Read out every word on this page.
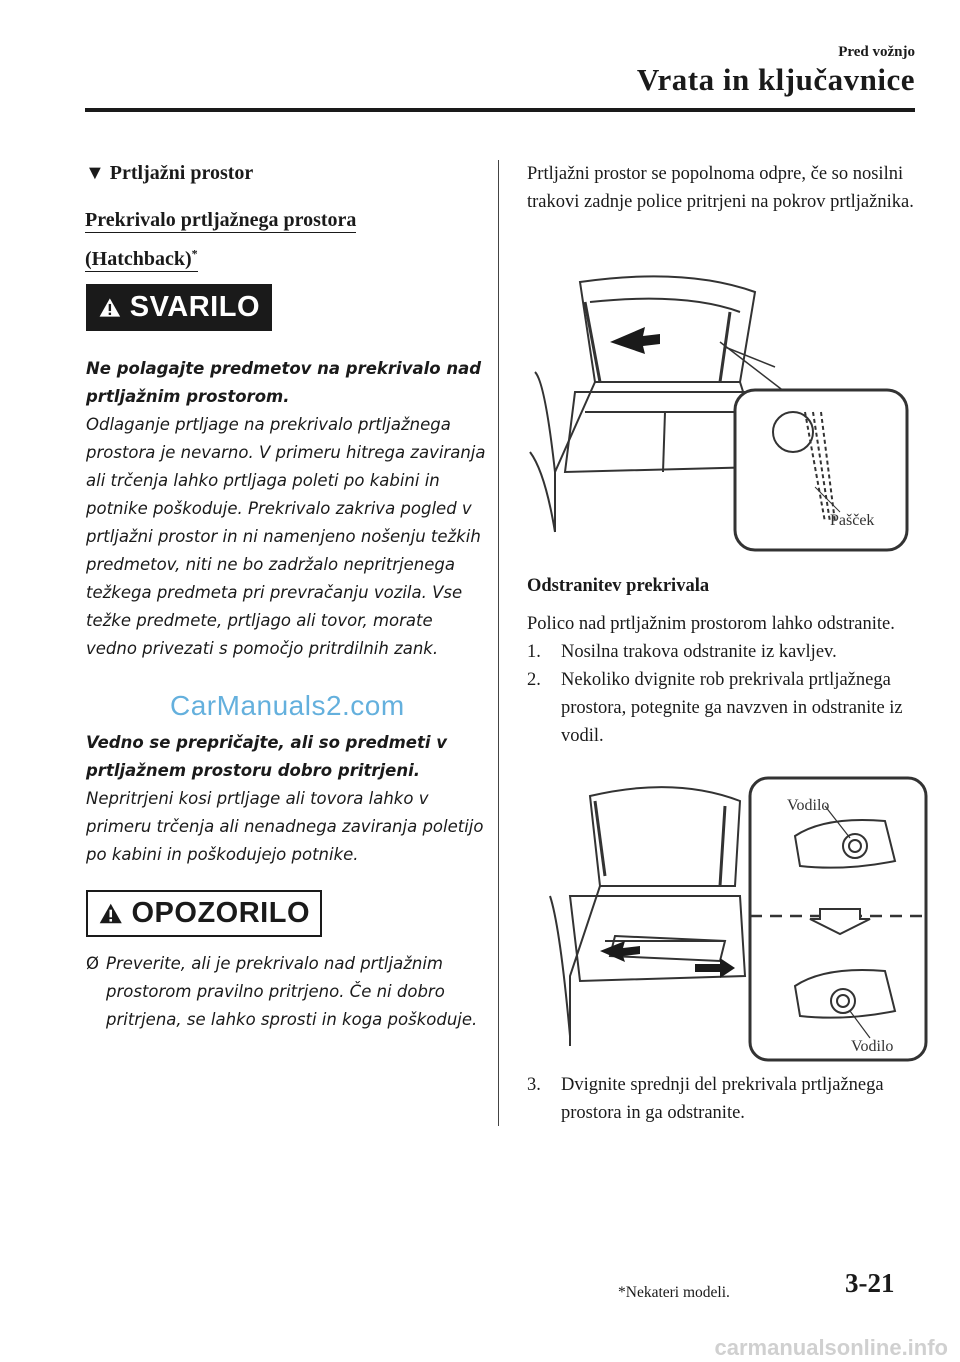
Pred vožnjo
Vrata in ključavnice
▼ Prtljažni prostor
Prekrivalo prtljažnega prostora
(Hatchback)*
SVARILO
Ne polagajte predmetov na prekrivalo nad prtljažnim prostorom.
Odlaganje prtljage na prekrivalo prtljažnega prostora je nevarno. V primeru hitrega zaviranja ali trčenja lahko prtljaga poleti po kabini in potnike poškoduje. Prekrivalo zakriva pogled v prtljažni prostor in ni namenjeno nošenju težkih predmetov, niti ne bo zadržalo nepritrjenega težkega predmeta pri prevračanju vozila. Vse težke predmete, prtljago ali tovor, morate vedno privezati s pomočjo pritrdilnih zank.
CarManuals2.com
Vedno se prepričajte, ali so predmeti v prtljažnem prostoru dobro pritrjeni.
Nepritrjeni kosi prtljage ali tovora lahko v primeru trčenja ali nenadnega zaviranja poletijo po kabini in poškodujejo potnike.
OPOZORILO
Ø Preverite, ali je prekrivalo nad prtljažnim prostorom pravilno pritrjeno. Če ni dobro pritrjena, se lahko sprosti in koga poškoduje.
Prtljažni prostor se popolnoma odpre, če so nosilni trakovi zadnje police pritrjeni na pokrov prtljažnika.
Pašček
Odstranitev prekrivala
Polico nad prtljažnim prostorom lahko odstranite.
1.	Nosilna trakova odstranite iz kavljev.
2.	Nekoliko dvignite rob prekrivala prtljažnega prostora, potegnite ga navzven in odstranite iz vodil.
Vodilo
Vodilo
3.	Dvignite sprednji del prekrivala prtljažnega prostora in ga odstranite.
*Nekateri modeli.	3-21
carmanualsonline.info
